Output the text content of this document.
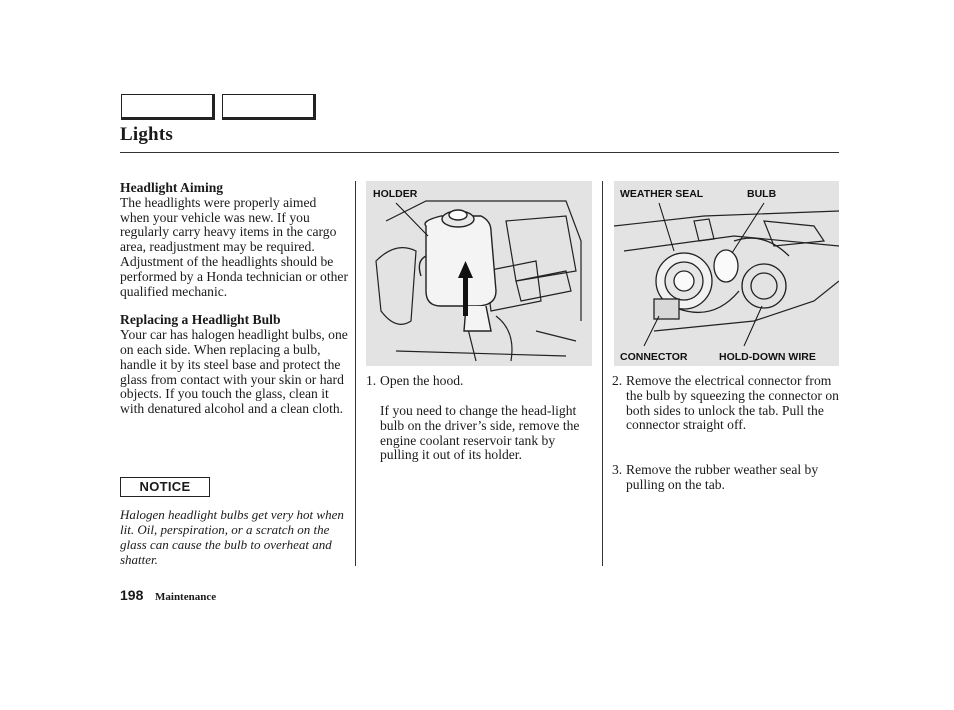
Lights
Headlight Aiming

The headlights were properly aimed when your vehicle was new. If you regularly carry heavy items in the cargo area, readjustment may be required. Adjustment of the headlights should be performed by a Honda technician or other qualified mechanic.

Replacing a Headlight Bulb

Your car has halogen headlight bulbs, one on each side. When replacing a bulb, handle it by its steel base and protect the glass from contact with your skin or hard objects. If you touch the glass, clean it with denatured alcohol and a clean cloth.

NOTICE
Halogen headlight bulbs get very hot when lit. Oil, perspiration, or a scratch on the glass can cause the bulb to overheat and shatter.
HOLDER	WEATHER SEAL	BULB
CONNECTOR	HOLD-DOWN WIRE
1. Open the hood.
If you need to change the head-light bulb on the driver’s side, remove the engine coolant reservoir tank by pulling it out of its holder.
2. Remove the electrical connector from the bulb by squeezing the connector on both sides to unlock the tab. Pull the connector straight off.
3. Remove the rubber weather seal by pulling on the tab.
198 Maintenance
